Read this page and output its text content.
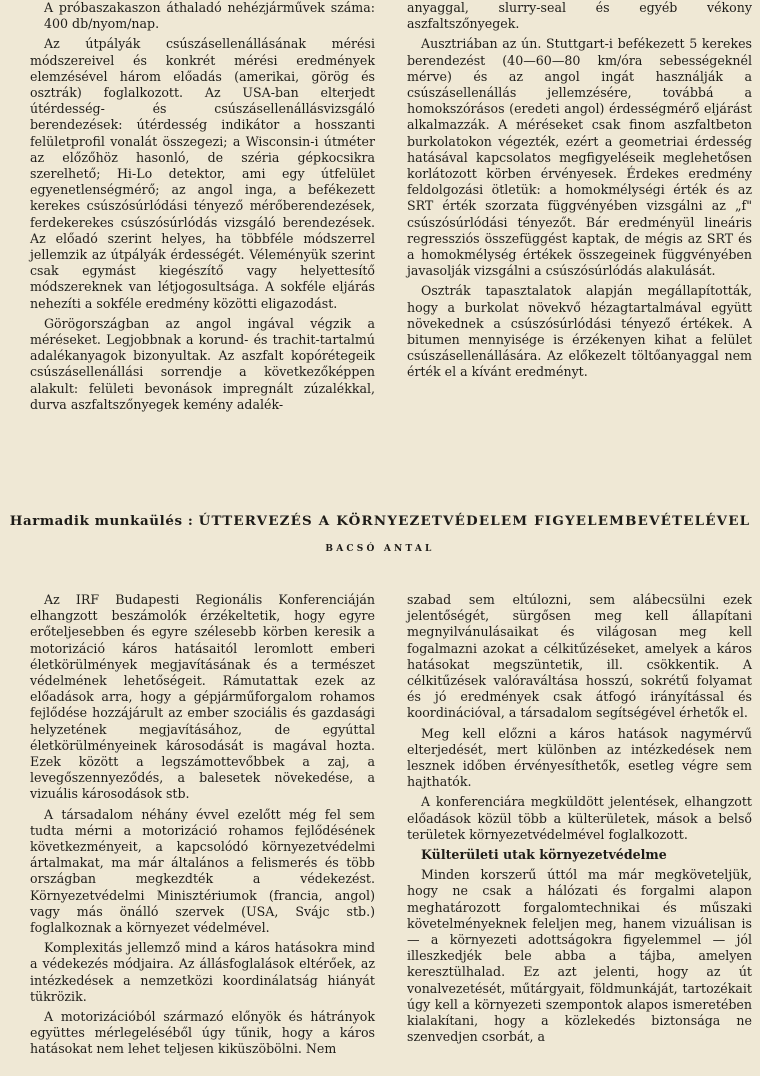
A próbaszakaszon áthaladó nehézjárművek száma: 400 db/nyom/nap.

Az útpályák csúszásellenállásának mérési módszereivel és konkrét mérési eredmények elemzésével három előadás (amerikai, görög és osztrák) foglalkozott. Az USA-ban elterjedt útérdesség- és csúszásellenállásvizsgáló berendezések: útérdesség indikátor a hosszanti felületprofil vonalát összegezi; a Wisconsin-i útméter az előzőhöz hasonló, de széria gépkocsikra szerelhető; Hi-Lo detektor, ami egy útfelület egyenetlenségmérő; az angol inga, a befékezett kerekes csúszósúrlódási tényező mérőberendezések, ferdekerekes csúszósúrlódás vizsgáló berendezések. Az előadó szerint helyes, ha többféle módszerrel jellemzik az útpályák érdességét. Véleményük szerint csak egymást kiegészítő vagy helyettesítő módszereknek van létjogosultsága. A sokféle eljárás nehezíti a sokféle eredmény közötti eligazodást.

Görögországban az angol ingával végzik a méréseket. Legjobbnak a korund- és trachit-tartalmú adalékanyagok bizonyultak. Az aszfalt kopórétegeik csúszásellenállási sorrendje a következőképpen alakult: felületi bevonások impregnált zúzalékkal, durva aszfaltszőnyegek kemény adalék-

anyaggal, slurry-seal és egyéb vékony aszfaltszőnyegek.

Ausztriában az ún. Stuttgart-i befékezett 5 kerekes berendezést (40—60—80 km/óra sebességeknél mérve) és az angol ingát használják a csúszásellenállás jellemzésére, továbbá a homokszórásos (eredeti angol) érdességmérő eljárást alkalmazzák. A méréseket csak finom aszfaltbeton burkolatokon végezték, ezért a geometriai érdesség hatásával kapcsolatos megfigyeléseik meglehetősen korlátozott körben érvényesek. Érdekes eredmény feldolgozási ötletük: a homokmélységi érték és az SRT érték szorzata függvényében vizsgálni az „f" csúszósúrlódási tényezőt. Bár eredményül lineáris regressziós összefüggést kaptak, de mégis az SRT és a homokmélység értékek összegeinek függvényében javasolják vizsgálni a csúszósúrlódás alakulását.

Osztrák tapasztalatok alapján megállapították, hogy a burkolat növekvő hézagtartalmával együtt növekednek a csúszósúrlódási tényező értékek. A bitumen mennyisége is érzékenyen kihat a felület csúszásellenállására. Az előkezelt töltőanyaggal nem érték el a kívánt eredményt.

Harmadik munkaülés : ÚTTERVEZÉS A KÖRNYEZETVÉDELEM FIGYELEMBEVÉTELÉVEL
BACSÓ ANTAL

Az IRF Budapesti Regionális Konferenciáján elhangzott beszámolók érzékeltetik, hogy egyre erőteljesebben és egyre szélesebb körben keresik a motorizáció káros hatásaitól leromlott emberi életkörülmények megjavításának és a természet védelmének lehetőségeit. Rámutattak ezek az előadások arra, hogy a gépjárműforgalom rohamos fejlődése hozzájárult az ember szociális és gazdasági helyzetének megjavításához, de egyúttal életkörülményeinek károsodását is magával hozta. Ezek között a legszámottevőbbek a zaj, a levegőszennyeződés, a balesetek növekedése, a vizuális károsodások stb.

A társadalom néhány évvel ezelőtt még fel sem tudta mérni a motorizáció rohamos fejlődésének következményeit, a kapcsolódó környezetvédelmi ártalmakat, ma már általános a felismerés és több országban megkezdték a védekezést. Környezetvédelmi Minisztériumok (francia, angol) vagy más önálló szervek (USA, Svájc stb.) foglalkoznak a környezet védelmével.

Komplexitás jellemző mind a káros hatásokra mind a védekezés módjaira. Az állásfoglalások eltérőek, az intézkedések a nemzetközi koordinálatság hiányát tükrözik.

A motorizációból származó előnyök és hátrányok együttes mérlegeléséből úgy tűnik, hogy a káros hatásokat nem lehet teljesen kiküszöbölni. Nem

szabad sem eltúlozni, sem alábecsülni ezek jelentőségét, sürgősen meg kell állapítani megnyilvánulásaikat és világosan meg kell fogalmazni azokat a célkitűzéseket, amelyek a káros hatásokat megszüntetik, ill. csökkentik. A célkitűzések valóraváltása hosszú, sokrétű folyamat és jó eredmények csak átfogó irányítással és koordinációval, a társadalom segítségével érhetők el.

Meg kell előzni a káros hatások nagymérvű elterjedését, mert különben az intézkedések nem lesznek időben érvényesíthetők, esetleg végre sem hajthatók.

A konferenciára megküldött jelentések, elhangzott előadások közül több a külterületek, mások a belső területek környezetvédelmével foglalkozott.

Külterületi utak környezetvédelme

Minden korszerű úttól ma már megköveteljük, hogy ne csak a hálózati és forgalmi alapon meghatározott forgalomtechnikai és műszaki követelményeknek feleljen meg, hanem vizuálisan is — a környezeti adottságokra figyelemmel — jól illeszkedjék bele abba a tájba, amelyen keresztülhalad. Ez azt jelenti, hogy az út vonalvezetését, műtárgyait, földmunkáját, tartozékait úgy kell a környezeti szempontok alapos ismeretében kialakítani, hogy a közlekedés biztonsága ne szenvedjen csorbát, a
